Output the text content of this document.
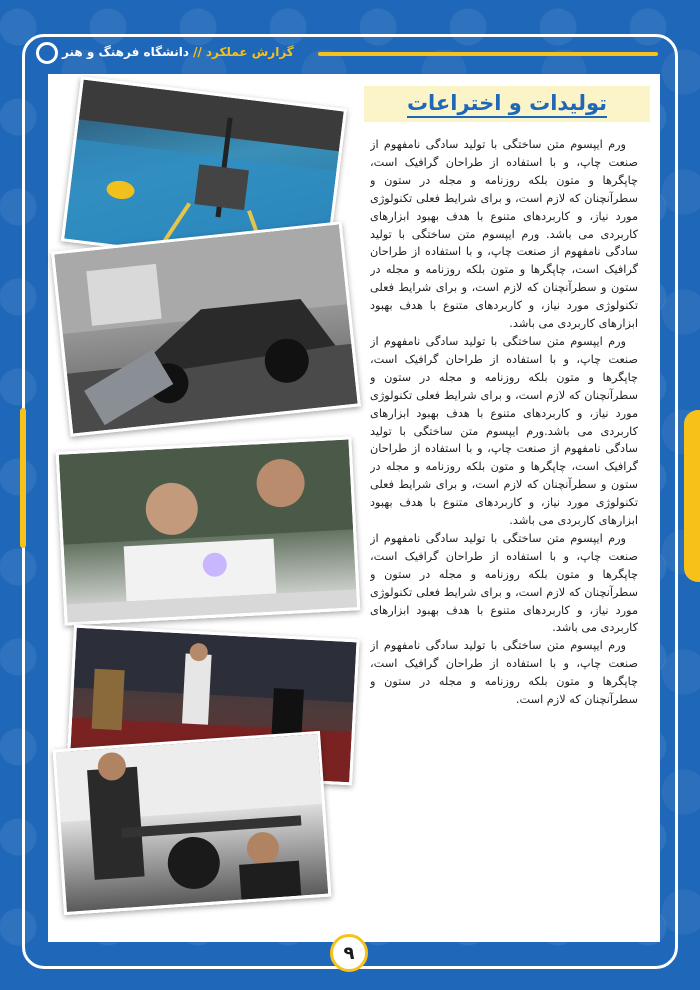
گزارش عملکرد
//
دانشگاه فرهنگ و هنر
تولیدات و اختراعات

ورم ایپسوم متن ساختگی با تولید سادگی نامفهوم از صنعت چاپ، و با استفاده از طراحان گرافیک است، چاپگرها و متون بلکه روزنامه و مجله در ستون و سطرآنچنان که لازم است، و برای شرایط فعلی تکنولوژی مورد نیاز، و کاربردهای متنوع با هدف بهبود ابزارهای کاربردی می باشد. ورم ایپسوم متن ساختگی با تولید سادگی نامفهوم از صنعت چاپ، و با استفاده از طراحان گرافیک است، چاپگرها و متون بلکه روزنامه و مجله در ستون و سطرآنچنان که لازم است، و برای شرایط فعلی تکنولوژی مورد نیاز، و کاربردهای متنوع با هدف بهبود ابزارهای کاربردی می باشد.

ورم ایپسوم متن ساختگی با تولید سادگی نامفهوم از صنعت چاپ، و با استفاده از طراحان گرافیک است، چاپگرها و متون بلکه روزنامه و مجله در ستون و سطرآنچنان که لازم است، و برای شرایط فعلی تکنولوژی مورد نیاز، و کاربردهای متنوع با هدف بهبود ابزارهای کاربردی می باشد.ورم ایپسوم متن ساختگی با تولید سادگی نامفهوم از صنعت چاپ، و با استفاده از طراحان گرافیک است، چاپگرها و متون بلکه روزنامه و مجله در ستون و سطرآنچنان که لازم است، و برای شرایط فعلی تکنولوژی مورد نیاز، و کاربردهای متنوع با هدف بهبود ابزارهای کاربردی می باشد.

ورم ایپسوم متن ساختگی با تولید سادگی نامفهوم از صنعت چاپ، و با استفاده از طراحان گرافیک است، چاپگرها و متون بلکه روزنامه و مجله در ستون و سطرآنچنان که لازم است، و برای شرایط فعلی تکنولوژی مورد نیاز، و کاربردهای متنوع با هدف بهبود ابزارهای کاربردی می باشد.

ورم ایپسوم متن ساختگی با تولید سادگی نامفهوم از صنعت چاپ، و با استفاده از طراحان گرافیک است، چاپگرها و متون بلکه روزنامه و مجله در ستون و سطرآنچنان که لازم است.

۹
